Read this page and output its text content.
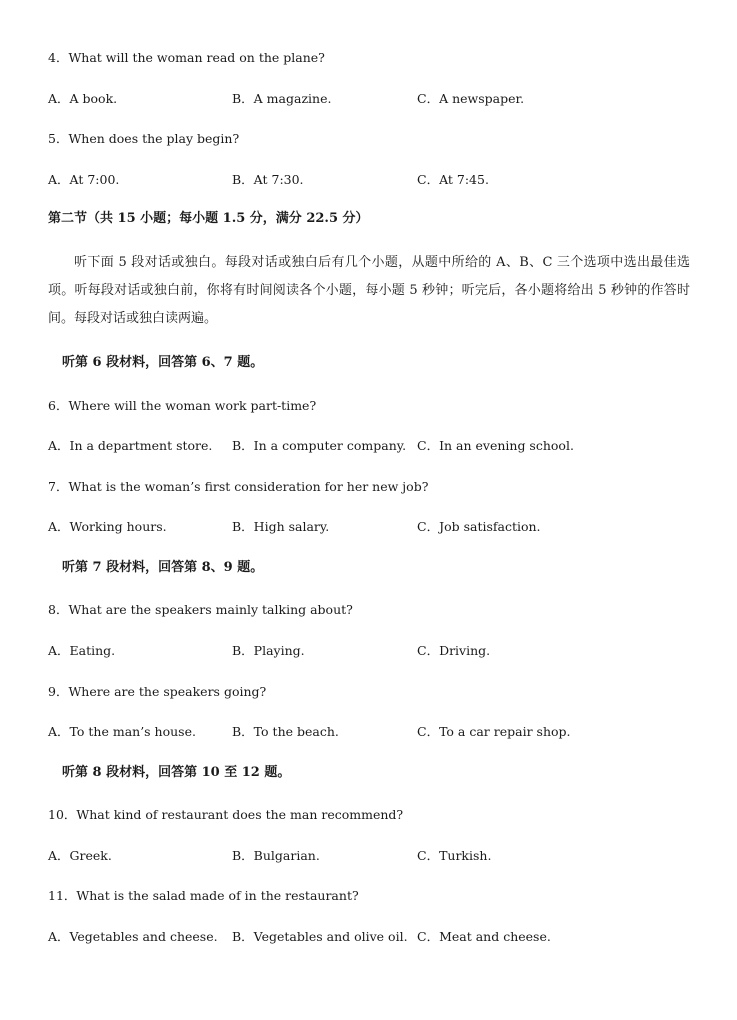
4．What will the woman read on the plane?
A．A book.	B．A magazine.	C．A newspaper.
5．When does the play begin?
A．At 7:00.	B．At 7:30.	C．At 7:45.
第二节（共 15 小题；每小题 1.5 分，满分 22.5 分）
听下面 5 段对话或独白。每段对话或独白后有几个小题，从题中所给的 A、B、C 三个选项中选出最佳选项。听每段对话或独白前，你将有时间阅读各个小题，每小题 5 秒钟；听完后，各小题将给出 5 秒钟的作答时间。每段对话或独白读两遍。
听第 6 段材料，回答第 6、7 题。
6．Where will the woman work part-time?
A．In a department store. B．In a computer company. C．In an evening school.
7．What is the woman’s first consideration for her new job?
A．Working hours.	B．High salary.	C．Job satisfaction.
听第 7 段材料，回答第 8、9 题。
8．What are the speakers mainly talking about?
A．Eating.	B．Playing.	C．Driving.
9．Where are the speakers going?
A．To the man’s house.	B．To the beach.	C．To a car repair shop.
听第 8 段材料，回答第 10 至 12 题。
10．What kind of restaurant does the man recommend?
A．Greek.	B．Bulgarian.	C．Turkish.
11．What is the salad made of in the restaurant?
A．Vegetables and cheese. B．Vegetables and olive oil. C．Meat and cheese.
